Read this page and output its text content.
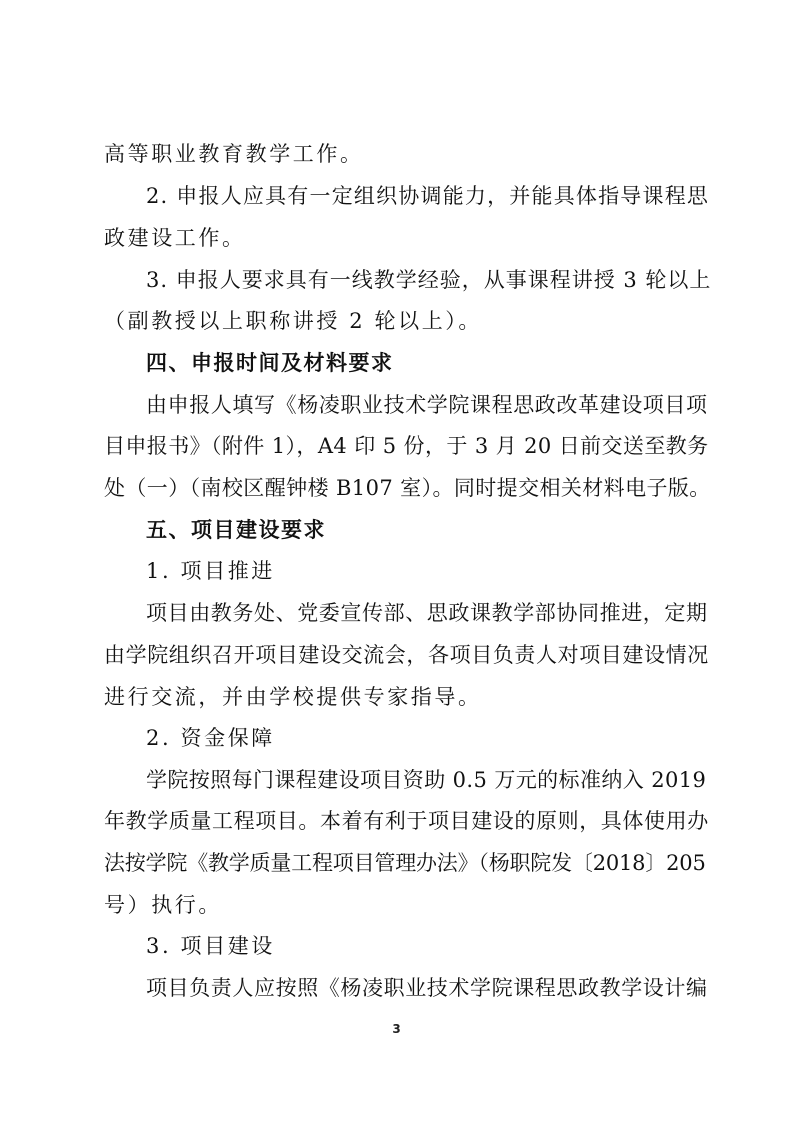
高等职业教育教学工作。
2. 申报人应具有一定组织协调能力，并能具体指导课程思
政建设工作。
3. 申报人要求具有一线教学经验，从事课程讲授 3 轮以上
（副教授以上职称讲授 2 轮以上）。
四、申报时间及材料要求
由申报人填写《杨凌职业技术学院课程思政改革建设项目项
目申报书》（附件 1），A4 印 5 份，于 3 月 20 日前交送至教务
处（一）（南校区醒钟楼 B107 室）。同时提交相关材料电子版。
五、项目建设要求
1. 项目推进
项目由教务处、党委宣传部、思政课教学部协同推进，定期
由学院组织召开项目建设交流会，各项目负责人对项目建设情况
进行交流，并由学校提供专家指导。
2. 资金保障
学院按照每门课程建设项目资助 0.5 万元的标准纳入 2019
年教学质量工程项目。本着有利于项目建设的原则，具体使用办
法按学院《教学质量工程项目管理办法》（杨职院发〔2018〕205
号）执行。
3. 项目建设
项目负责人应按照《杨凌职业技术学院课程思政教学设计编
3
